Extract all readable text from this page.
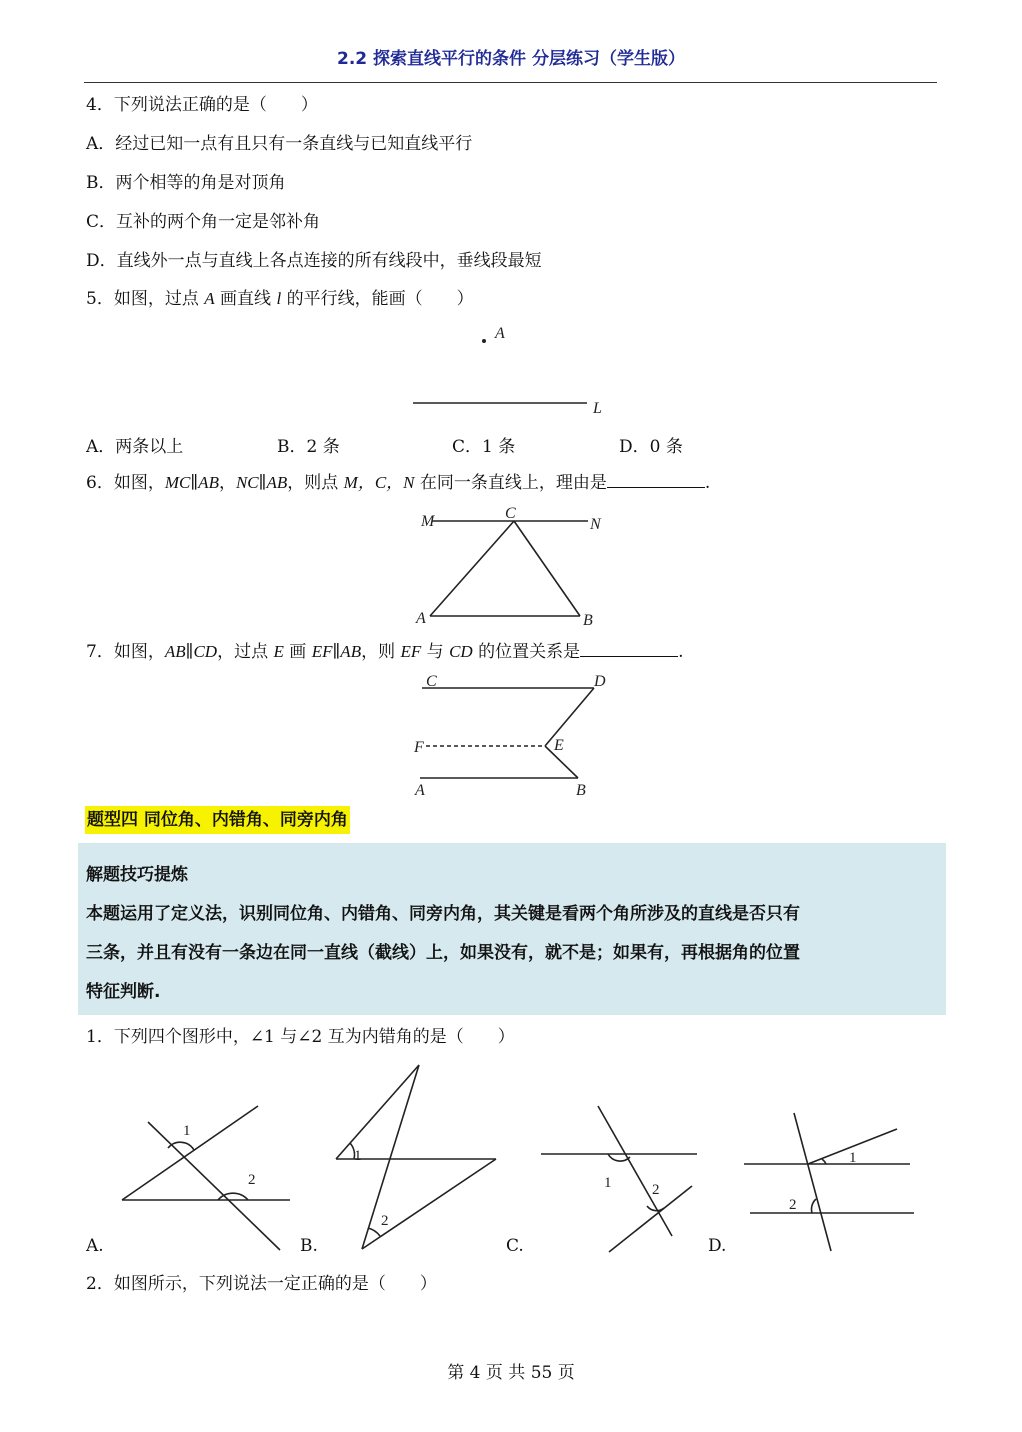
2.2 探索直线平行的条件 分层练习（学生版）
4．下列说法正确的是（　　）
A．经过已知一点有且只有一条直线与已知直线平行
B．两个相等的角是对顶角
C．互补的两个角一定是邻补角
D．直线外一点与直线上各点连接的所有线段中，垂线段最短
5．如图，过点 A 画直线 l 的平行线，能画（　　）
A．两条以上	B．2 条	C．1 条	D．0 条
6．如图，MC∥AB，NC∥AB，则点 M，C，N 在同一条直线上，理由是	.
7．如图，AB∥CD，过点 E 画 EF∥AB，则 EF 与 CD 的位置关系是	.
题型四 同位角、内错角、同旁内角
解题技巧提炼
本题运用了定义法，识别同位角、内错角、同旁内角，其关键是看两个角所涉及的直线是否只有
三条，并且有没有一条边在同一直线（截线）上，如果没有，就不是；如果有，再根据角的位置
特征判断.
1．下列四个图形中，∠1 与∠2 互为内错角的是（　　）
A.	B.	C.	D.
2．如图所示，下列说法一定正确的是（　　）
第 4 页 共 55 页
A
L
M	C
N
A	B
C	D
F	E
A	B
1
2
1
2
1	2
1
2
